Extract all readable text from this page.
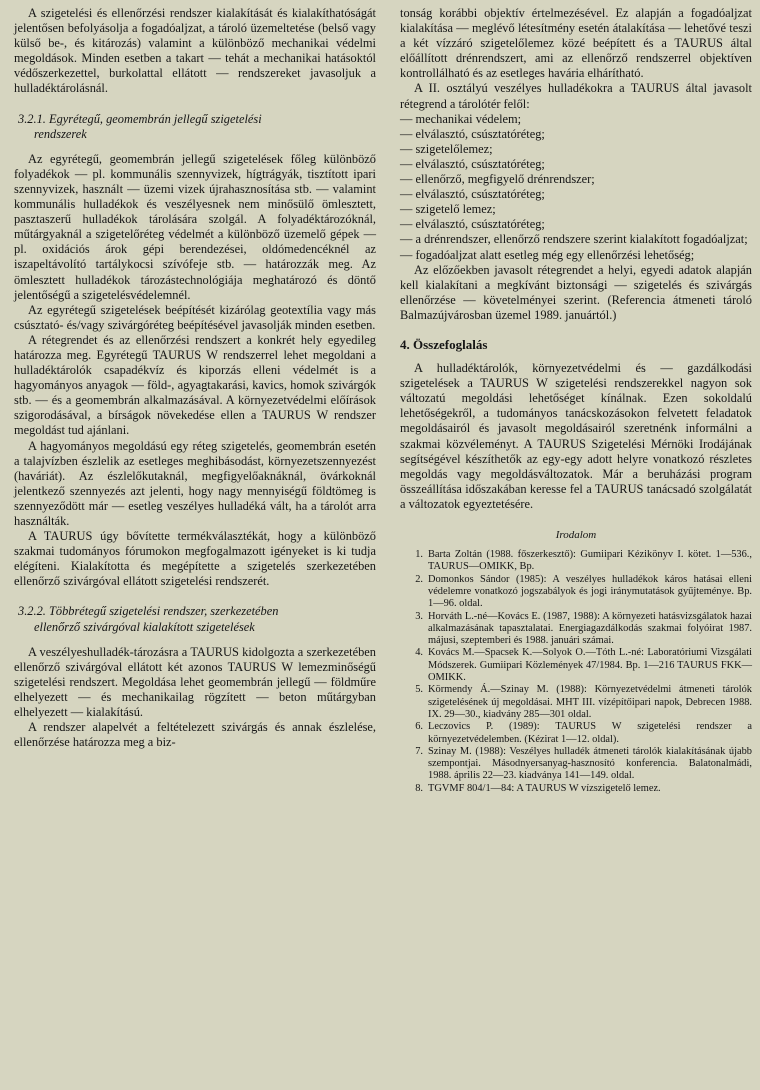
A szigetelési és ellenőrzési rendszer kialakítását és kialakíthatóságát jelentősen befolyásolja a fogadóaljzat, a tároló üzemeltetése (belső vagy külső be-, és kitározás) valamint a különböző mechanikai védelmi megoldások. Minden esetben a takart — tehát a mechanikai hatásoktól védőszerkezettel, burkolattal ellátott — rendszereket javasoljuk a hulladéktárolásnál.

3.2.1. Egyrétegű, geomembrán jellegű szigetelési
rendszerek

Az egyrétegű, geomembrán jellegű szigetelések főleg különböző folyadékok — pl. kommunális szennyvizek, hígtrágyák, tisztított ipari szennyvizek, használt — üzemi vizek újrahasznosítása stb. — valamint kommunális hulladékok és veszélyesnek nem minősülő ömlesztett, pasztaszerű hulladékok tárolására szolgál. A folyadéktározóknál, műtárgyaknál a szigetelőréteg védelmét a különböző üzemelő gépek — pl. oxidációs árok gépi berendezései, oldómedencéknél az iszapeltávolító tartálykocsi szívófeje stb. — határozzák meg. Az ömlesztett hulladékok tározástechnológiája meghatározó és döntő jelentőségű a szigetelésvédelemnél.

Az egyrétegű szigetelések beépítését kizárólag geotextília vagy más csúsztató- és/vagy szivárgóréteg beépítésével javasolják minden esetben.

A rétegrendet és az ellenőrzési rendszert a konkrét hely egyedileg határozza meg. Egyrétegű TAURUS W rendszerrel lehet megoldani a hulladéktárolók csapadékvíz és kiporzás elleni védelmét is a hagyományos anyagok — föld-, agyagtakarási, kavics, homok szivárgók stb. — és a geomembrán alkalmazásával. A környezetvédelmi előírások szigorodásával, a bírságok növekedése ellen a TAURUS W rendszer megoldást tud ajánlani.

A hagyományos megoldású egy réteg szigetelés, geomembrán esetén a talajvízben észlelik az esetleges meghibásodást, környezetszennyezést (haváriát). Az észlelőkutaknál, megfigyelőaknáknál, övárkoknál jelentkező szennyezés azt jelenti, hogy nagy mennyiségű földtömeg is szennyeződött már — esetleg veszélyes hulladéká vált, ha a tárolót arra használták.

A TAURUS úgy bővítette termékválasztékát, hogy a különböző szakmai tudományos fórumokon megfogalmazott igényeket is ki tudja elégíteni. Kialakította és megépítette a szigetelés szerkezetében ellenőrző szivárgóval ellátott szigetelési rendszerét.

3.2.2. Többrétegű szigetelési rendszer, szerkezetében
ellenőrző szivárgóval kialakított szigetelések

A veszélyeshulladék-tározásra a TAURUS kidolgozta a szerkezetében ellenőrző szivárgóval ellátott két azonos TAURUS W lemezminőségű szigetelési rendszert. Megoldása lehet geomembrán jellegű — földműre elhelyezett — és mechanikailag rögzített — beton műtárgyban elhelyezett — kialakítású.

A rendszer alapelvét a feltételezett szivárgás és annak észlelése, ellenőrzése határozza meg a biz-

tonság korábbi objektív értelmezésével. Ez alapján a fogadóaljzat kialakítása — meglévő létesítmény esetén átalakítása — lehetővé teszi a két vízzáró szigetelőlemez közé beépített és a TAURUS által előállított drénrendszert, ami az ellenőrző rendszerrel objektíven kontrollálható és az esetleges havária elhárítható.

A II. osztályú veszélyes hulladékokra a TAURUS által javasolt rétegrend a tárolótér felől:

— mechanikai védelem;
— elválasztó, csúsztatóréteg;
— szigetelőlemez;
— elválasztó, csúsztatóréteg;
— ellenőrző, megfigyelő drénrendszer;
— elválasztó, csúsztatóréteg;
— szigetelő lemez;
— elválasztó, csúsztatóréteg;
— a drénrendszer, ellenőrző rendszere szerint kialakított fogadóaljzat;
— fogadóaljzat alatt esetleg még egy ellenőrzési lehetőség;

Az előzőekben javasolt rétegrendet a helyi, egyedi adatok alapján kell kialakítani a megkívánt biztonsági — szigetelés és szivárgás ellenőrzése — követelményei szerint. (Referencia átmeneti tároló Balmazújvárosban üzemel 1989. januártól.)

4. Összefoglalás

A hulladéktárolók, környezetvédelmi és — gazdálkodási szigetelések a TAURUS W szigetelési rendszerekkel nagyon sok változatú megoldási lehetőséget kínálnak. Ezen sokoldalú lehetőségekről, a tudományos tanácskozásokon felvetett feladatok megoldásairól és javasolt megoldásairól szeretnénk informálni a szakmai közvéleményt. A TAURUS Szigetelési Mérnöki Irodájának segítségével készíthetők az egy-egy adott helyre vonatkozó részletes megoldás vagy megoldásváltozatok. Már a beruházási program összeállítása időszakában keresse fel a TAURUS tanácsadó szolgálatát a változatok egyeztetésére.

Irodalom
1. Barta Zoltán (1988. főszerkesztő): Gumiipari Kézikönyv I. kötet. 1—536., TAURUS—OMIKK, Bp.
2. Domonkos Sándor (1985): A veszélyes hulladékok káros hatásai elleni védelemre vonatkozó jogszabályok és jogi iránymutatások gyűjteménye. Bp. 1—96. oldal.
3. Horváth L.-né—Kovács E. (1987, 1988): A környezeti hatásvizsgálatok hazai alkalmazásának tapasztalatai. Energiagazdálkodás szakmai folyóirat 1987. májusi, szeptemberi és 1988. januári számai.
4. Kovács M.—Spacsek K.—Solyok O.—Tóth L.-né: Laboratóriumi Vizsgálati Módszerek. Gumiipari Közlemények 47/1984. Bp. 1—216 TAURUS FKK—OMIKK.
5. Körmendy Á.—Szinay M. (1988): Környezetvédelmi átmeneti tárolók szigetelésének új megoldásai. MHT III. vízépítőipari napok, Debrecen 1988. IX. 29—30., kiadvány 285—301 oldal.
6. Leczovics P. (1989): TAURUS W szigetelési rendszer a környezetvédelemben. (Kézirat 1—12. oldal).
7. Szinay M. (1988): Veszélyes hulladék átmeneti tárolók kialakításának újabb szempontjai. Másodnyersanyag-hasznosító konferencia. Balatonalmádi, 1988. április 22—23. kiadványa 141—149. oldal.
8. TGVMF 804/1—84: A TAURUS W vízszigetelő lemez.
